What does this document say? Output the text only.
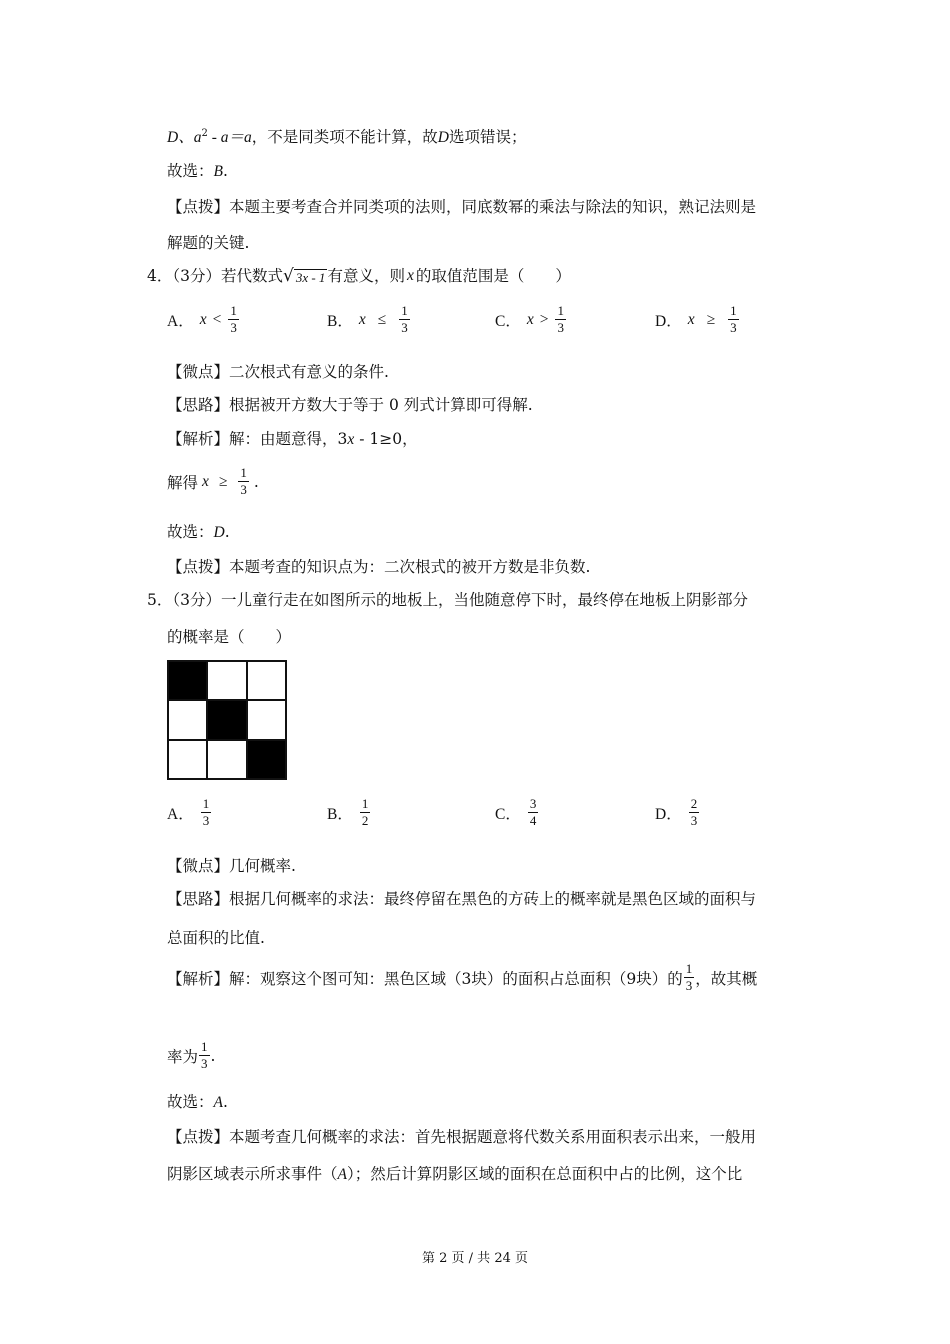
D、$a^2 - a=a$，不是同类项不能计算，故D选项错误；
故选：B.
【点拨】本题主要考查合并同类项的法则，同底数幂的乘法与除法的知识，熟记法则是
解题的关键.
4．（3分）若代数式 √ 3x - 1 有意义，则 x 的取值范围是（　　）
A． $x < \frac{1}{3}$	B． $x \le \frac{1}{3}$	C． $x > \frac{1}{3}$	D． $x \ge \frac{1}{3}$
【微点】二次根式有意义的条件.
【思路】根据被开方数大于等于 0 列式计算即可得解.
【解析】解：由题意得，3x - 1≥0，
解得 $x \ge \frac{1}{3}$ .
故选：D.
【点拨】本题考查的知识点为：二次根式的被开方数是非负数.
5．（3分）一儿童行走在如图所示的地板上，当他随意停下时，最终停在地板上阴影部分
的概率是（　　）
A． $\frac{1}{3}$	B． $\frac{1}{2}$	C． $\frac{3}{4}$	D． $\frac{2}{3}$
【微点】几何概率.
【思路】根据几何概率的求法：最终停留在黑色的方砖上的概率就是黑色区域的面积与
总面积的比值.
【解析】 解：观察这个图可知：黑色区域（3块）的面积占总面积（9块）的 $\frac{1}{3}$ ，故其概
率为 $\frac{1}{3}$ .
故选：A.
【点拨】本题考查几何概率的求法：首先根据题意将代数关系用面积表示出来，一般用
阴影区域表示所求事件（A）；然后计算阴影区域的面积在总面积中占的比例，这个比
第 2 页 / 共 24 页
